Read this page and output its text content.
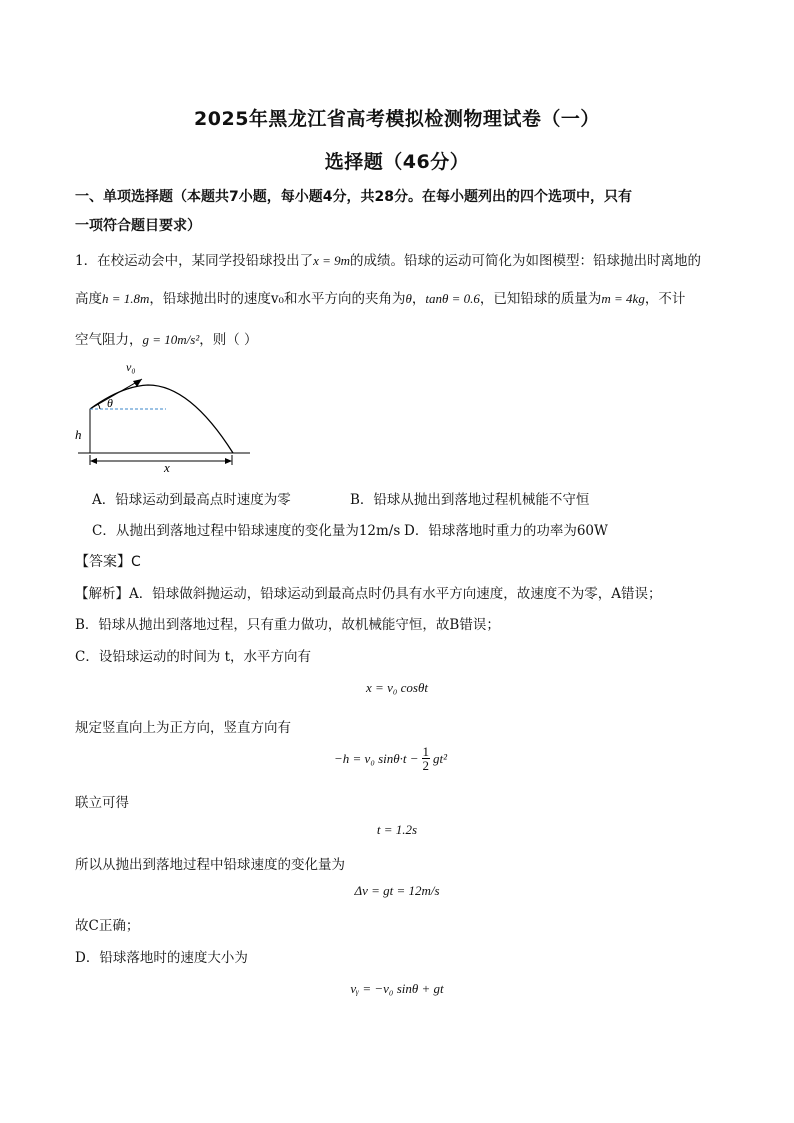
2025年黑龙江省高考模拟检测物理试卷（一）
选择题（46分）
一、单项选择题（本题共7小题，每小题4分，共28分。在每小题列出的四个选项中，只有
一项符合题目要求）
1．在校运动会中，某同学投铅球投出了x = 9m的成绩。铅球的运动可简化为如图模型：铅球抛出时离地的
高度h = 1.8m，铅球抛出时的速度v₀和水平方向的夹角为θ，tanθ = 0.6，已知铅球的质量为m = 4kg，不计
空气阻力，g = 10m/s²，则（ ）
v₀
θ
h
x
A．铅球运动到最高点时速度为零	B．铅球从抛出到落地过程机械能不守恒
C．从抛出到落地过程中铅球速度的变化量为12m/s D．铅球落地时重力的功率为60W
【答案】C
【解析】A．铅球做斜抛运动，铅球运动到最高点时仍具有水平方向速度，故速度不为零，A错误；
B．铅球从抛出到落地过程，只有重力做功，故机械能守恒，故B错误；
C．设铅球运动的时间为 t，水平方向有
x = v₀ cosθt
规定竖直向上为正方向，竖直方向有
−h = v₀ $\sin\theta\cdot t - \frac{1}{2} gt^2$
联立可得
t = 1.2s
所以从抛出到落地过程中铅球速度的变化量为
Δv = gt = 12m/s
故C正确；
D．铅球落地时的速度大小为
vᵧ = −v₀ sinθ + gt
